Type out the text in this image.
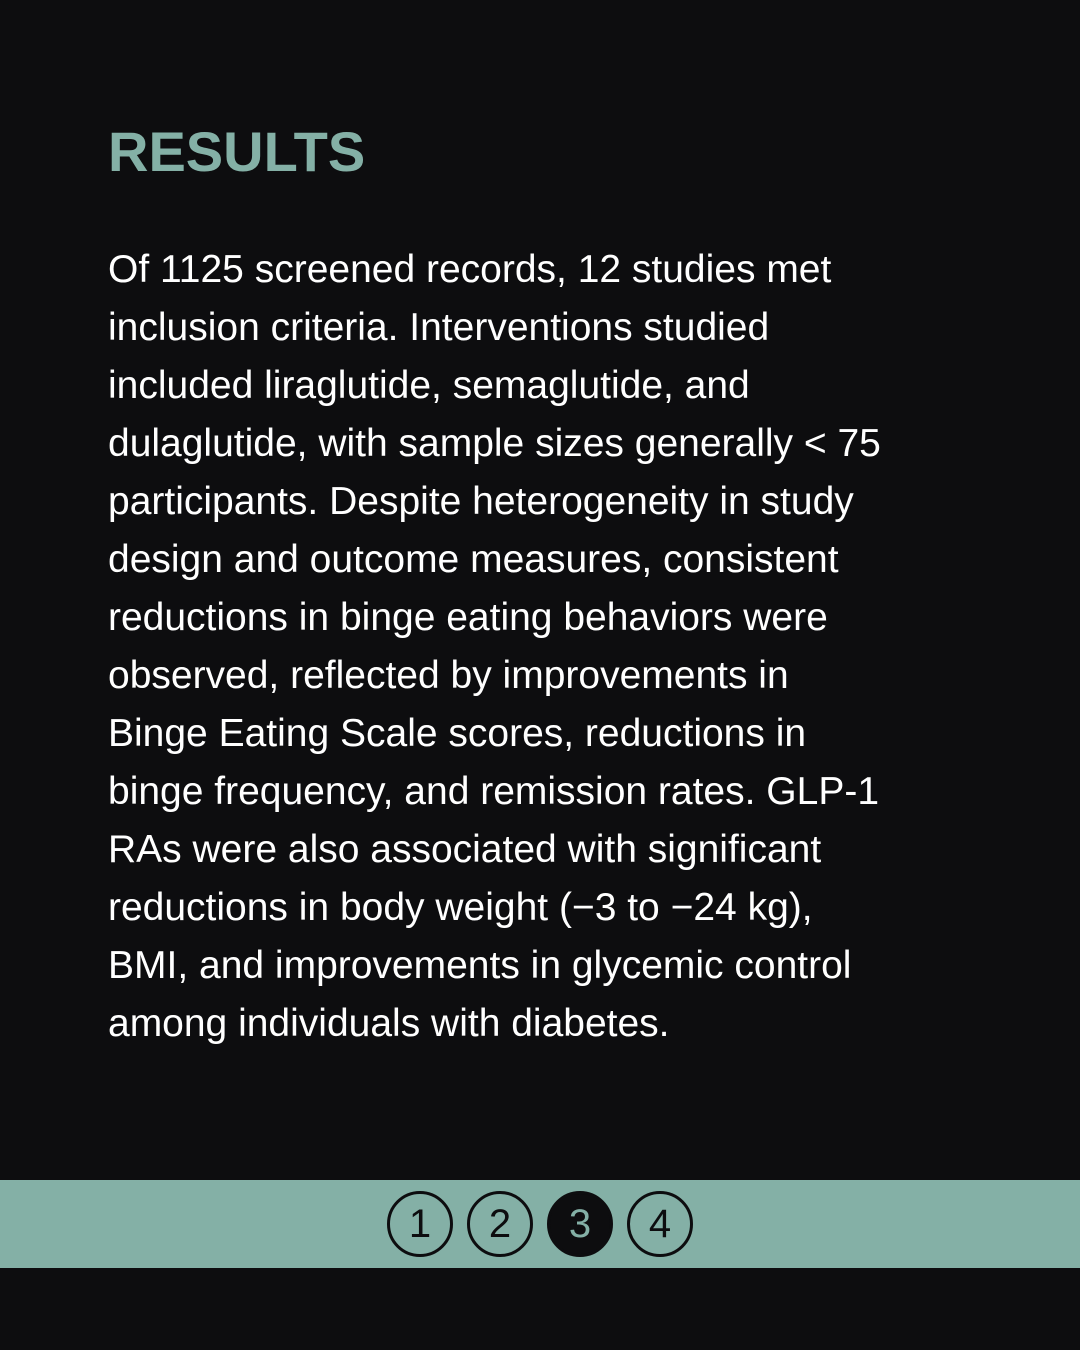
RESULTS

Of 1125 screened records, 12 studies met
inclusion criteria. Interventions studied
included liraglutide, semaglutide, and
dulaglutide, with sample sizes generally < 75
participants. Despite heterogeneity in study
design and outcome measures, consistent
reductions in binge eating behaviors were
observed, reflected by improvements in
Binge Eating Scale scores, reductions in
binge frequency, and remission rates. GLP-1
RAs were also associated with significant
reductions in body weight (−3 to −24 kg),
BMI, and improvements in glycemic control
among individuals with diabetes.

1	2	3	4
